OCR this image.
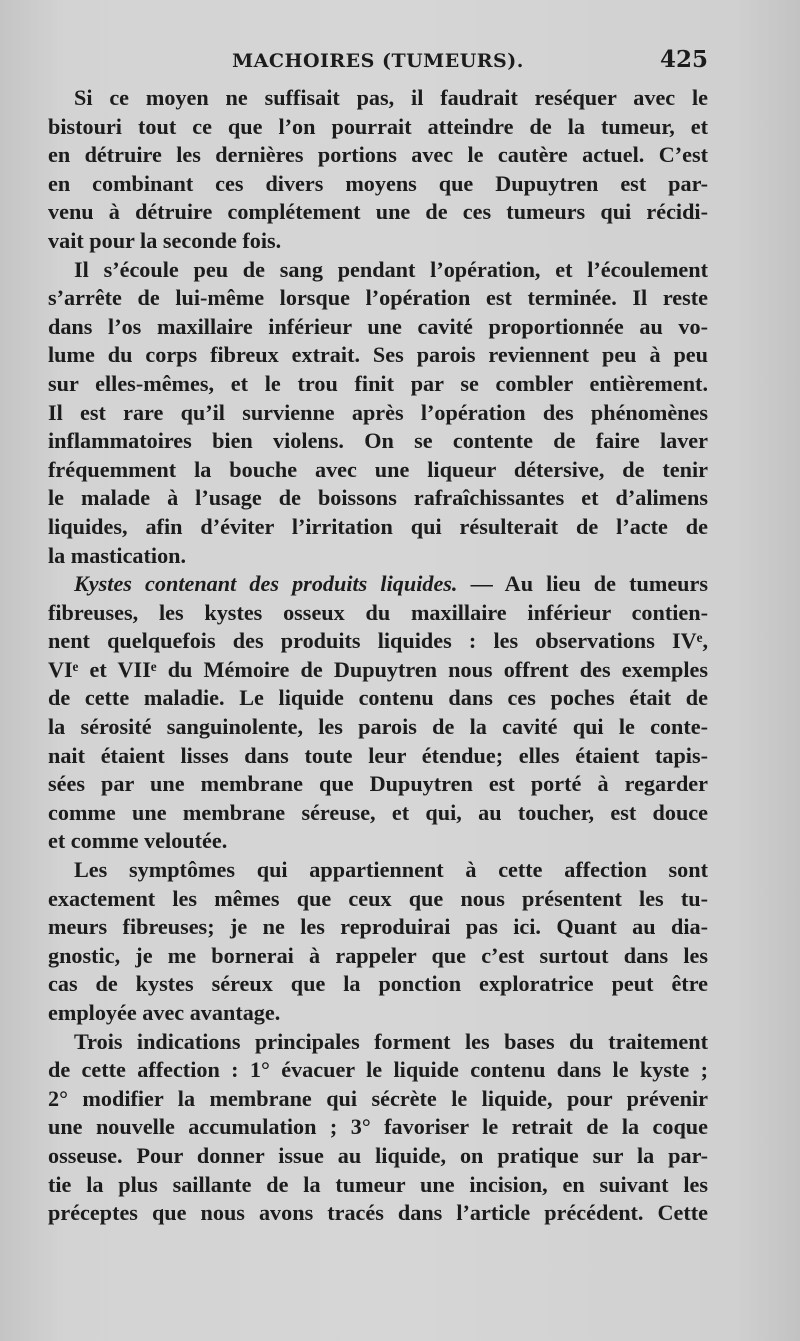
MACHOIRES (TUMEURS).	425
Si ce moyen ne suffisait pas, il faudrait reséquer avec le
bistouri tout ce que l’on pourrait atteindre de la tumeur, et
en détruire les dernières portions avec le cautère actuel. C’est
en combinant ces divers moyens que Dupuytren est par-
venu à détruire complétement une de ces tumeurs qui récidi-
vait pour la seconde fois.
Il s’écoule peu de sang pendant l’opération, et l’écoulement
s’arrête de lui-même lorsque l’opération est terminée. Il reste
dans l’os maxillaire inférieur une cavité proportionnée au vo-
lume du corps fibreux extrait. Ses parois reviennent peu à peu
sur elles-mêmes, et le trou finit par se combler entièrement.
Il est rare qu’il survienne après l’opération des phénomènes
inflammatoires bien violens. On se contente de faire laver
fréquemment la bouche avec une liqueur détersive, de tenir
le malade à l’usage de boissons rafraîchissantes et d’alimens
liquides, afin d’éviter l’irritation qui résulterait de l’acte de
la mastication.
Kystes contenant des produits liquides. — Au lieu de tumeurs
fibreuses, les kystes osseux du maxillaire inférieur contien-
nent quelquefois des produits liquides : les observations IVᵉ,
VIᵉ et VIIᵉ du Mémoire de Dupuytren nous offrent des exemples
de cette maladie. Le liquide contenu dans ces poches était de
la sérosité sanguinolente, les parois de la cavité qui le conte-
nait étaient lisses dans toute leur étendue; elles étaient tapis-
sées par une membrane que Dupuytren est porté à regarder
comme une membrane séreuse, et qui, au toucher, est douce
et comme veloutée.
Les symptômes qui appartiennent à cette affection sont
exactement les mêmes que ceux que nous présentent les tu-
meurs fibreuses; je ne les reproduirai pas ici. Quant au dia-
gnostic, je me bornerai à rappeler que c’est surtout dans les
cas de kystes séreux que la ponction exploratrice peut être
employée avec avantage.
Trois indications principales forment les bases du traitement
de cette affection : 1° évacuer le liquide contenu dans le kyste ;
2° modifier la membrane qui sécrète le liquide, pour prévenir
une nouvelle accumulation ; 3° favoriser le retrait de la coque
osseuse. Pour donner issue au liquide, on pratique sur la par-
tie la plus saillante de la tumeur une incision, en suivant les
préceptes que nous avons tracés dans l’article précédent. Cette
